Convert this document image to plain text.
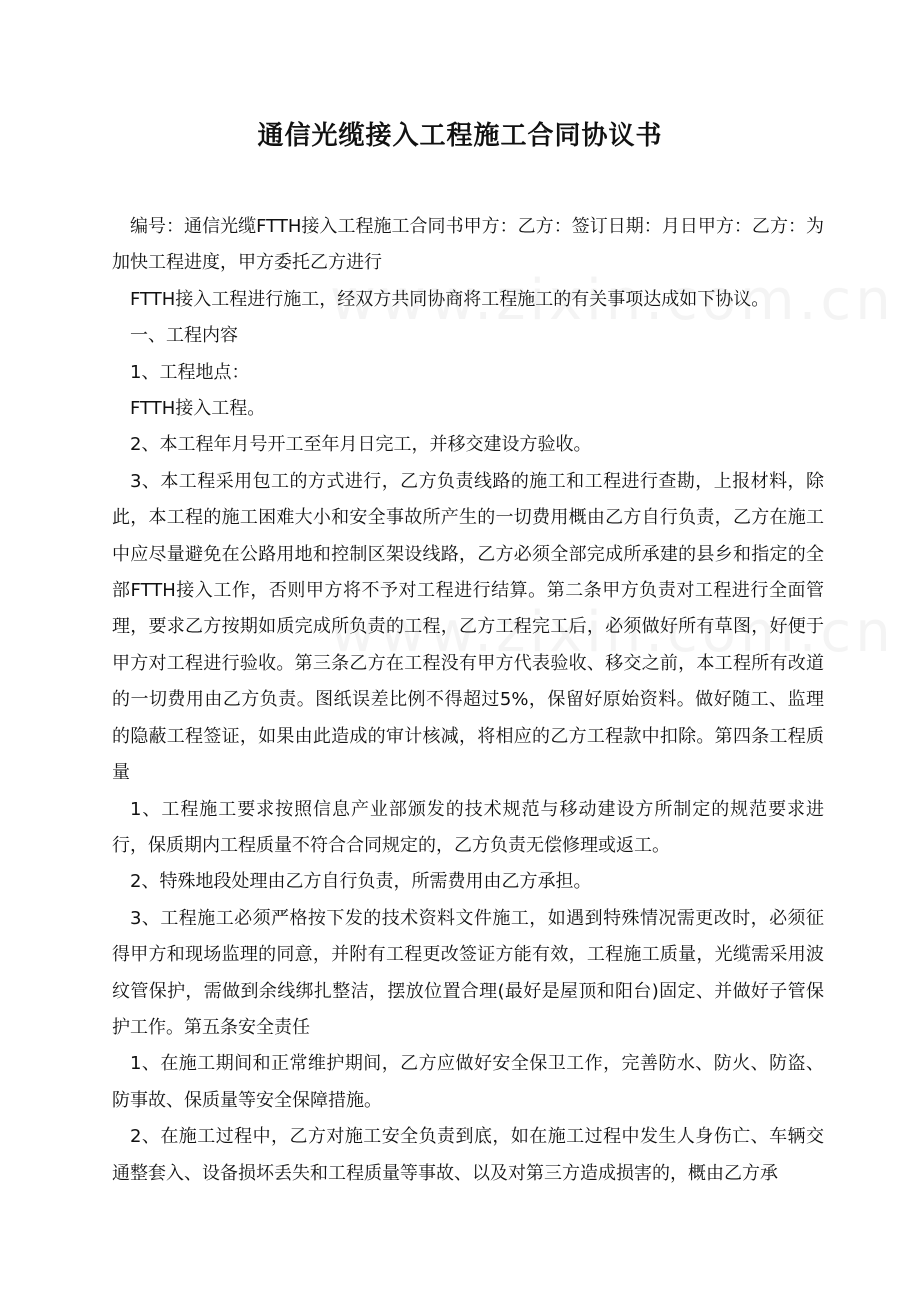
通信光缆接入工程施工合同协议书

编号：通信光缆FTTH接入工程施工合同书甲方：乙方：签订日期：月日甲方：乙方：为加快工程进度，甲方委托乙方进行

FTTH接入工程进行施工，经双方共同协商将工程施工的有关事项达成如下协议。

一、工程内容

1、工程地点：

FTTH接入工程。

2、本工程年月号开工至年月日完工，并移交建设方验收。

3、本工程采用包工的方式进行，乙方负责线路的施工和工程进行查勘，上报材料，除此，本工程的施工困难大小和安全事故所产生的一切费用概由乙方自行负责，乙方在施工中应尽量避免在公路用地和控制区架设线路，乙方必须全部完成所承建的县乡和指定的全部FTTH接入工作，否则甲方将不予对工程进行结算。第二条甲方负责对工程进行全面管理，要求乙方按期如质完成所负责的工程，乙方工程完工后，必须做好所有草图，好便于甲方对工程进行验收。第三条乙方在工程没有甲方代表验收、移交之前，本工程所有改道的一切费用由乙方负责。图纸误差比例不得超过5%，保留好原始资料。做好随工、监理的隐蔽工程签证，如果由此造成的审计核减，将相应的乙方工程款中扣除。第四条工程质量

1、工程施工要求按照信息产业部颁发的技术规范与移动建设方所制定的规范要求进行，保质期内工程质量不符合合同规定的，乙方负责无偿修理或返工。

2、特殊地段处理由乙方自行负责，所需费用由乙方承担。

3、工程施工必须严格按下发的技术资料文件施工，如遇到特殊情况需更改时，必须征得甲方和现场监理的同意，并附有工程更改签证方能有效，工程施工质量，光缆需采用波纹管保护，需做到余线绑扎整洁，摆放位置合理(最好是屋顶和阳台)固定、并做好子管保护工作。第五条安全责任

1、在施工期间和正常维护期间，乙方应做好安全保卫工作，完善防水、防火、防盗、防事故、保质量等安全保障措施。

2、在施工过程中，乙方对施工安全负责到底，如在施工过程中发生人身伤亡、车辆交通整套入、设备损坏丢失和工程质量等事故、以及对第三方造成损害的，概由乙方承
